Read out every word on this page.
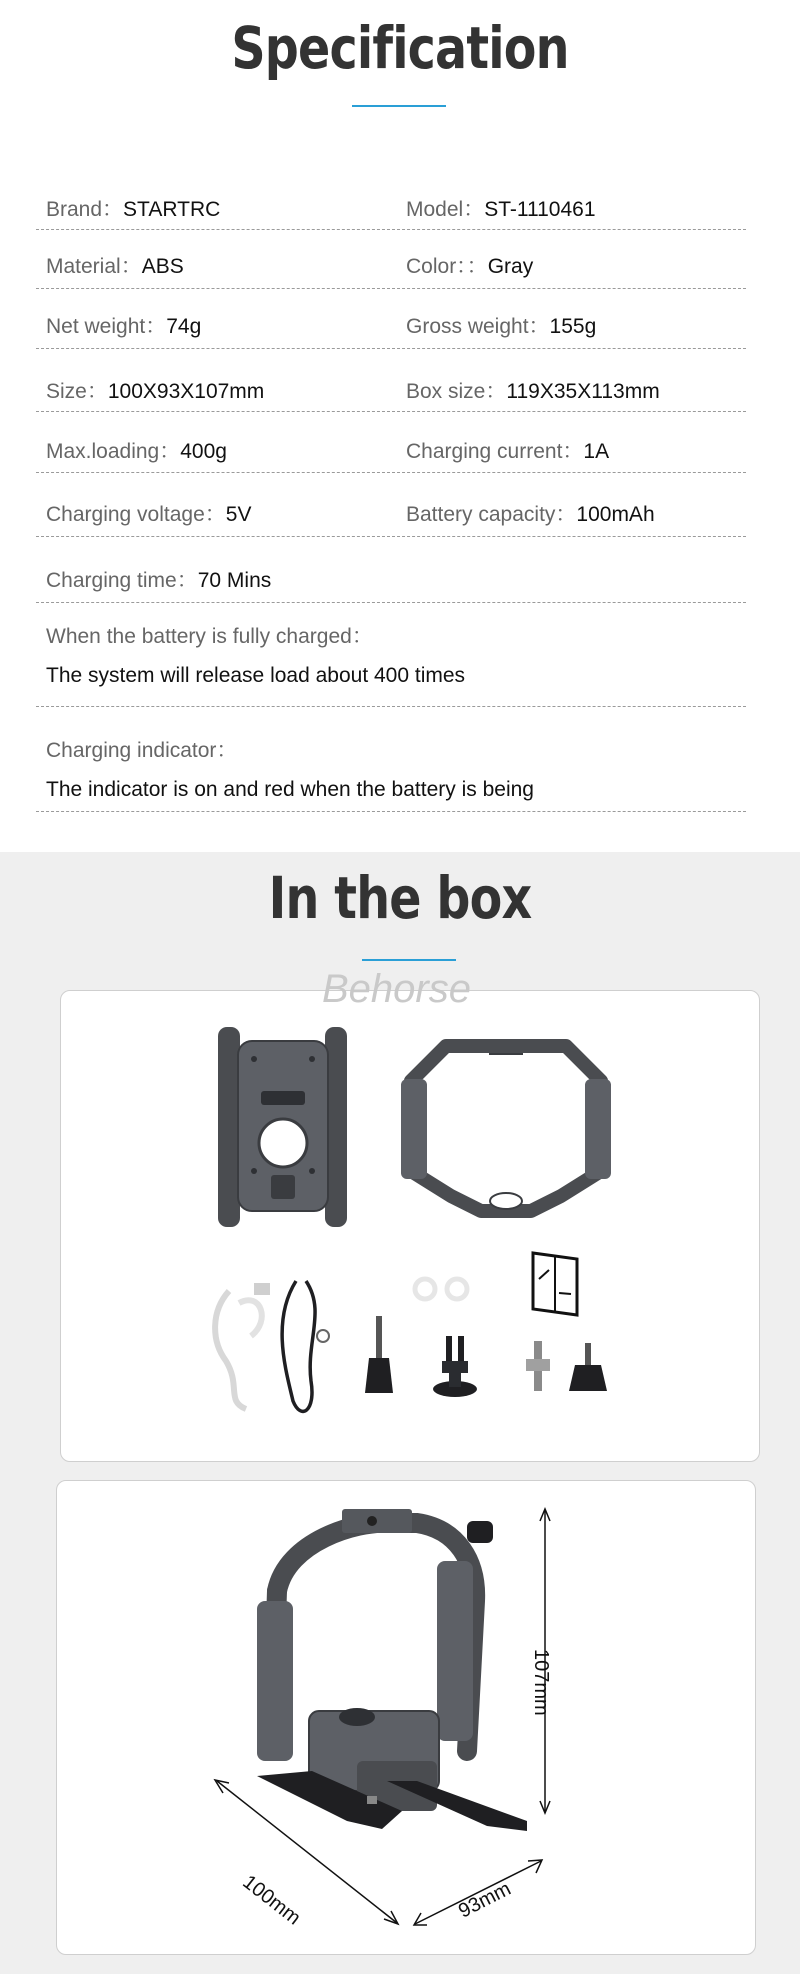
Specification
Brand：STARTRC	Model：ST-1110461
Material：ABS	Color：：Gray
Net weight：74g	Gross weight：155g
Size：100X93X107mm	Box size：119X35X113mm
Max.loading：400g	Charging current：1A
Charging voltage：5V	Battery capacity：100mAh
Charging time：70 Mins
When the battery is fully charged：
The system will release load about 400 times
Charging indicator：
The indicator is on and red when the battery is being
In the box
Behorse
107mm
100mm	93mm
